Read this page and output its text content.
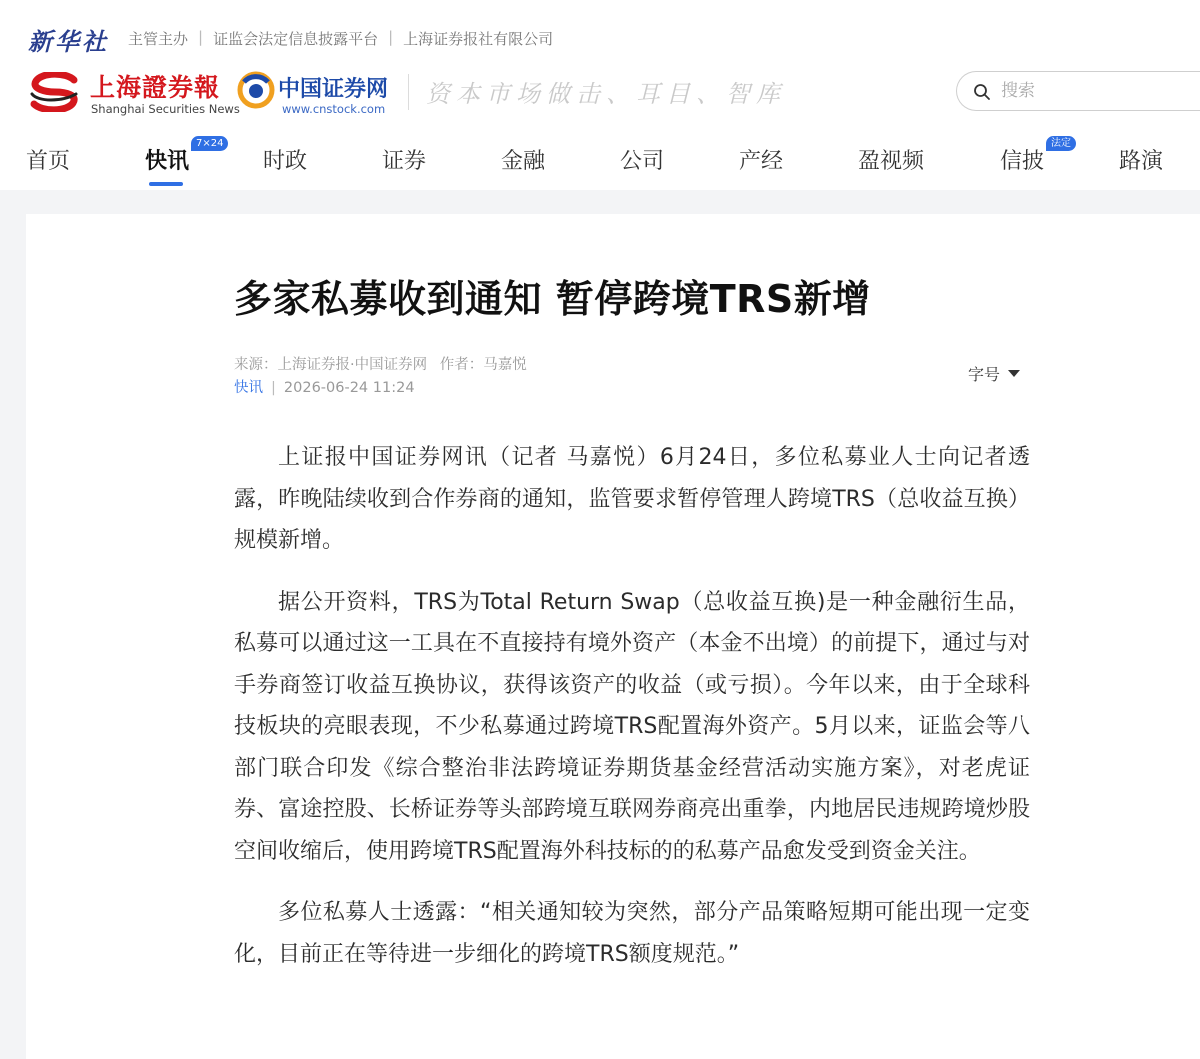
新华社 主管主办 | 证监会法定信息披露平台 | 上海证券报社有限公司
上海證券報
Shanghai Securities News
中国证券网
www.cnstock.com
资本市场做击、耳目、智库
搜索
首页	快讯
7×24
时政	证券	金融	公司	产经	盈视频	信披
法定
路演
多家私募收到通知 暂停跨境TRS新增
来源：上海证券报·中国证券网 作者：马嘉悦
快讯 | 2026-06-24 11:24
字号

上证报中国证券网讯（记者 马嘉悦）6月24日，多位私募业人士向记者透露，昨晚陆续收到合作券商的通知，监管要求暂停管理人跨境TRS（总收益互换）规模新增。

据公开资料，TRS为Total Return Swap（总收益互换)是一种金融衍生品，私募可以通过这一工具在不直接持有境外资产（本金不出境）的前提下，通过与对手券商签订收益互换协议，获得该资产的收益（或亏损）。今年以来，由于全球科技板块的亮眼表现，不少私募通过跨境TRS配置海外资产。5月以来，证监会等八部门联合印发《综合整治非法跨境证券期货基金经营活动实施方案》，对老虎证券、富途控股、长桥证券等头部跨境互联网券商亮出重拳，内地居民违规跨境炒股空间收缩后，使用跨境TRS配置海外科技标的的私募产品愈发受到资金关注。

多位私募人士透露：“相关通知较为突然，部分产品策略短期可能出现一定变化，目前正在等待进一步细化的跨境TRS额度规范。”
